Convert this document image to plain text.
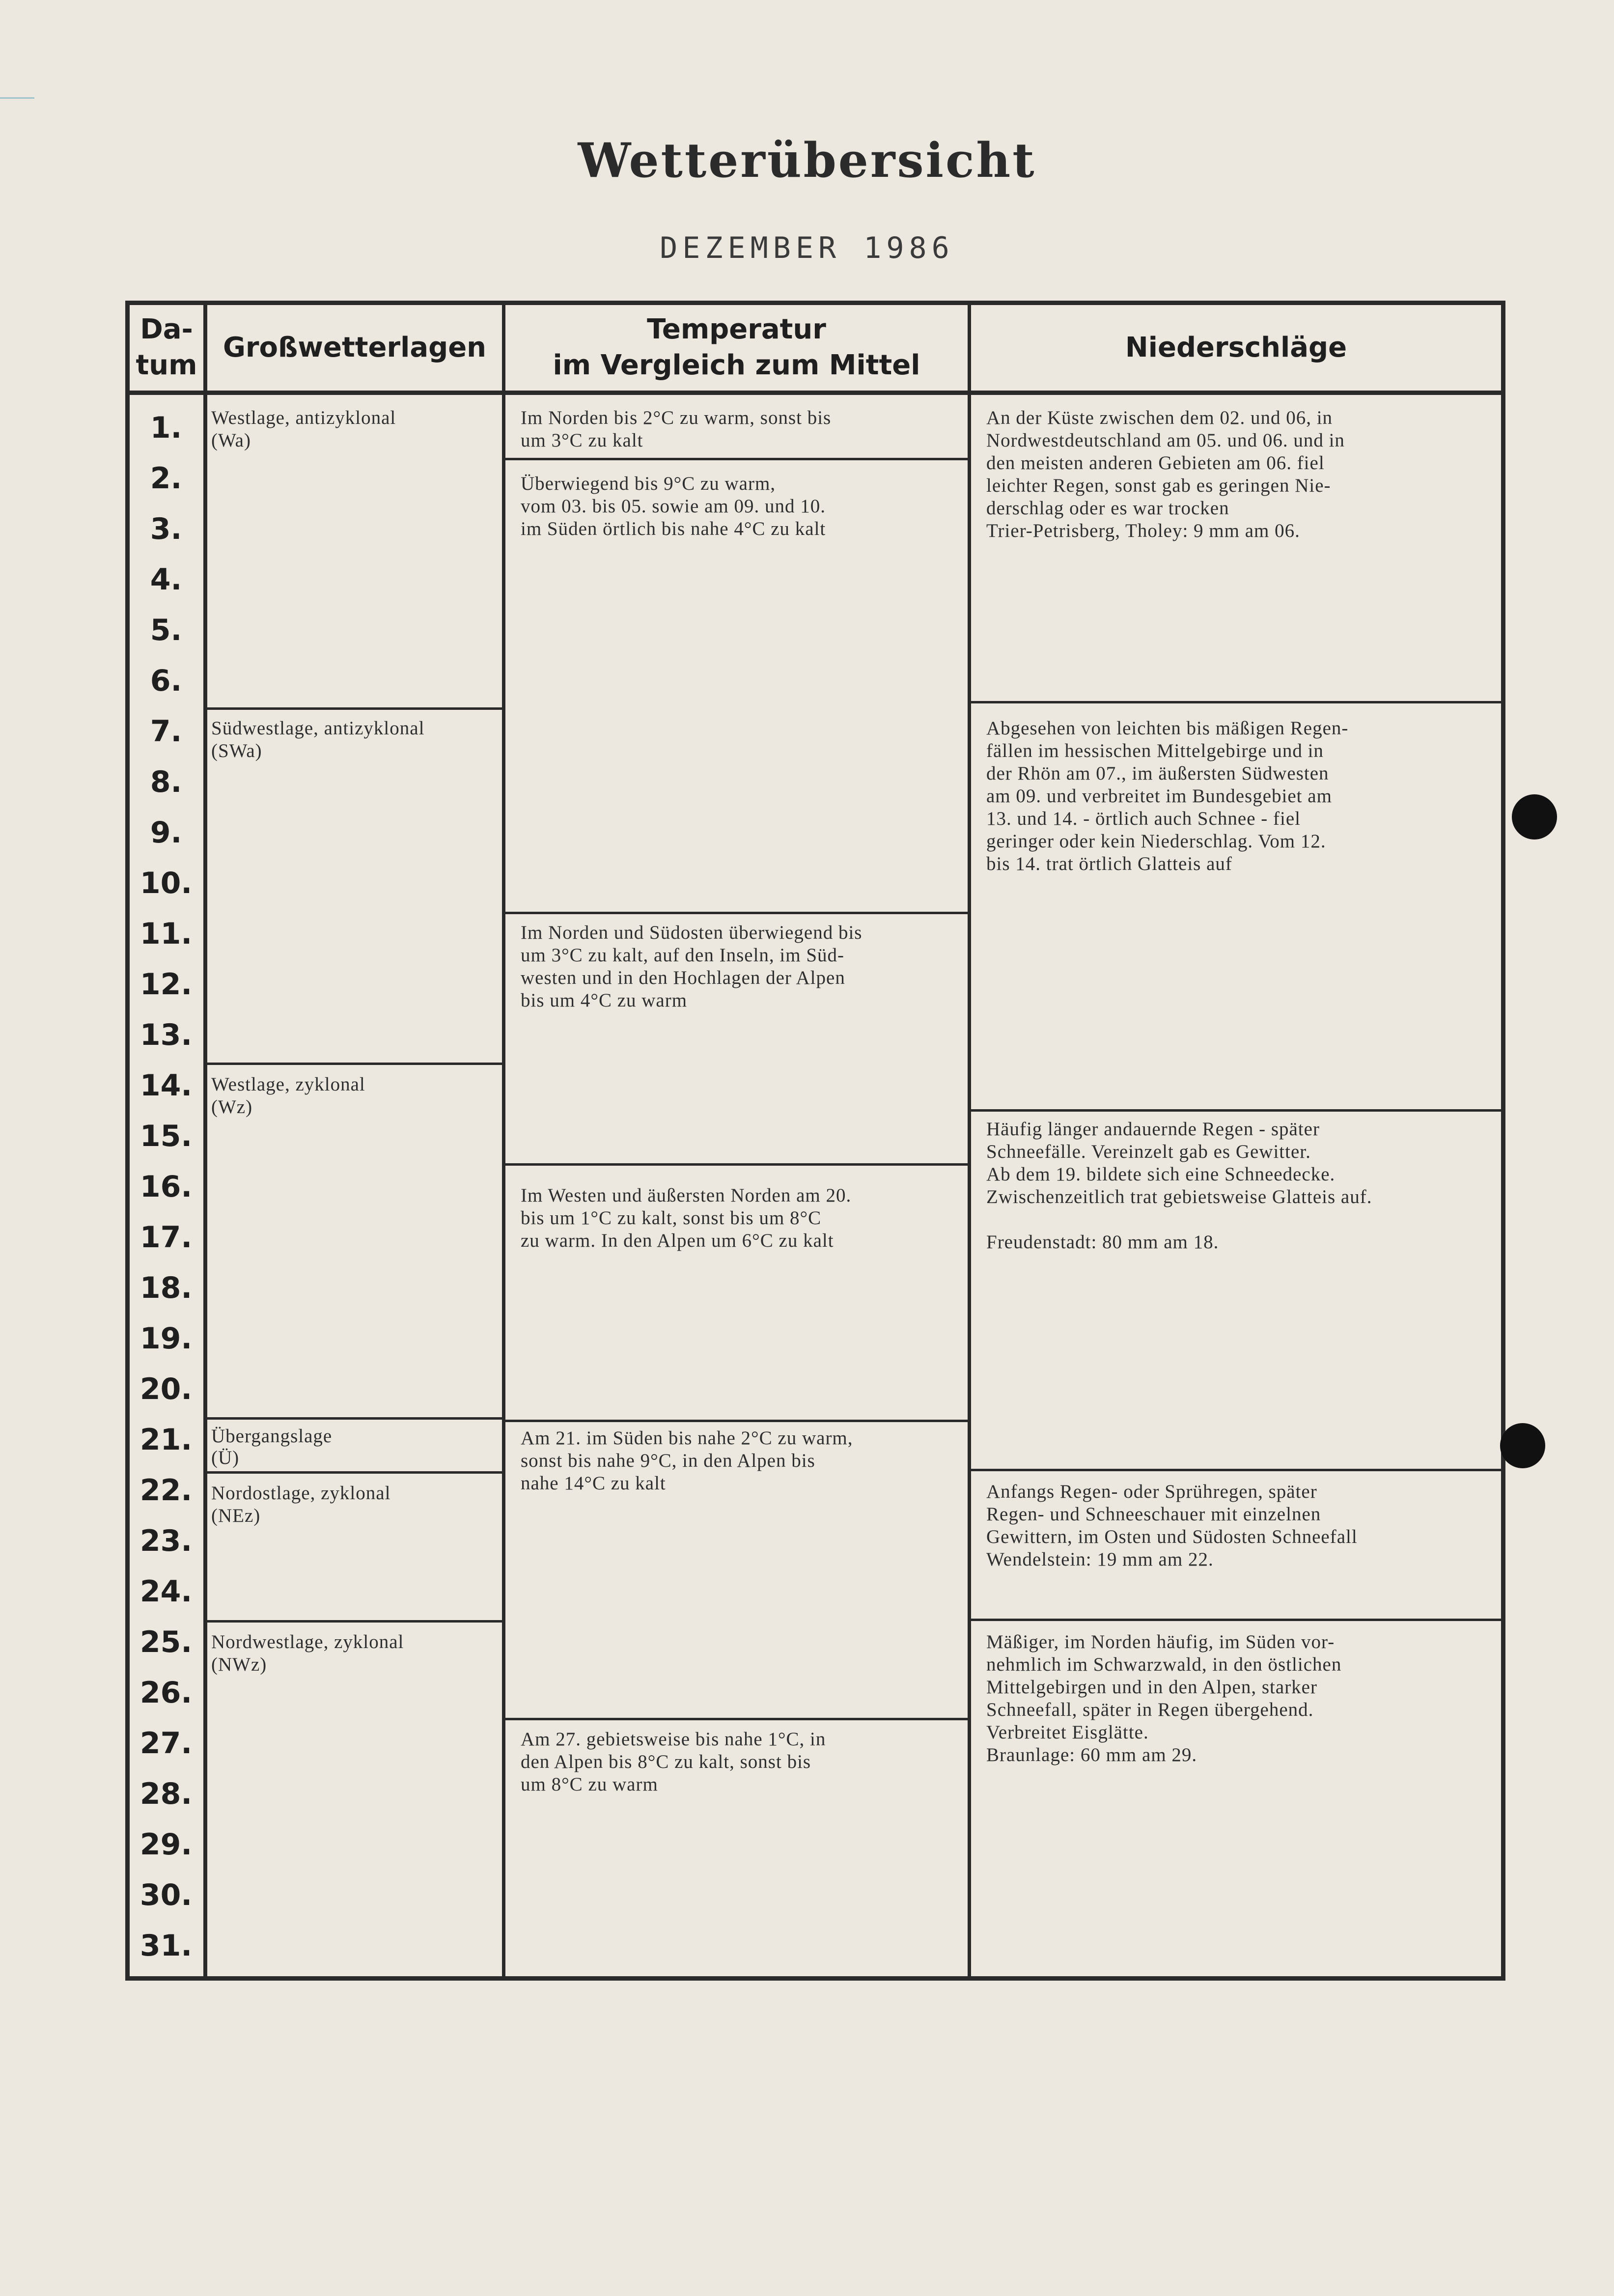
Wetterübersicht
DEZEMBER 1986
Da-
tum
Großwetterlagen
Temperatur
im Vergleich zum Mittel
Niederschläge
1.
2.
3.
4.
5.
6.
7.
8.
9.
10.
11.
12.
13.
14.
15.
16.
17.
18.
19.
20.
21.
22.
23.
24.
25.
26.
27.
28.
29.
30.
31.
Westlage, antizyklonal
(Wa)
Südwestlage, antizyklonal
(SWa)
Westlage, zyklonal
(Wz)
Übergangslage
(Ü)
Nordostlage, zyklonal
(NEz)
Nordwestlage, zyklonal
(NWz)
Im Norden bis 2°C zu warm, sonst bis
um 3°C zu kalt
Überwiegend bis 9°C zu warm,
vom 03. bis 05. sowie am 09. und 10.
im Süden örtlich bis nahe 4°C zu kalt
Im Norden und Südosten überwiegend bis
um 3°C zu kalt, auf den Inseln, im Süd-
westen und in den Hochlagen der Alpen
bis um 4°C zu warm
Im Westen und äußersten Norden am 20.
bis um 1°C zu kalt, sonst bis um 8°C
zu warm. In den Alpen um 6°C zu kalt
Am 21. im Süden bis nahe 2°C zu warm,
sonst bis nahe 9°C, in den Alpen bis
nahe 14°C zu kalt
Am 27. gebietsweise bis nahe 1°C, in
den Alpen bis 8°C zu kalt, sonst bis
um 8°C zu warm
An der Küste zwischen dem 02. und 06, in
Nordwestdeutschland am 05. und 06. und in
den meisten anderen Gebieten am 06. fiel
leichter Regen, sonst gab es geringen Nie-
derschlag oder es war trocken
Trier-Petrisberg, Tholey: 9 mm am 06.
Abgesehen von leichten bis mäßigen Regen-
fällen im hessischen Mittelgebirge und in
der Rhön am 07., im äußersten Südwesten
am 09. und verbreitet im Bundesgebiet am
13. und 14. - örtlich auch Schnee - fiel
geringer oder kein Niederschlag. Vom 12.
bis 14. trat örtlich Glatteis auf
Häufig länger andauernde Regen - später
Schneefälle. Vereinzelt gab es Gewitter.
Ab dem 19. bildete sich eine Schneedecke.
Zwischenzeitlich trat gebietsweise Glatteis auf.

Freudenstadt: 80 mm am 18.
Anfangs Regen- oder Sprühregen, später
Regen- und Schneeschauer mit einzelnen
Gewittern, im Osten und Südosten Schneefall
Wendelstein: 19 mm am 22.
Mäßiger, im Norden häufig, im Süden vor-
nehmlich im Schwarzwald, in den östlichen
Mittelgebirgen und in den Alpen, starker
Schneefall, später in Regen übergehend.
Verbreitet Eisglätte.
Braunlage: 60 mm am 29.
